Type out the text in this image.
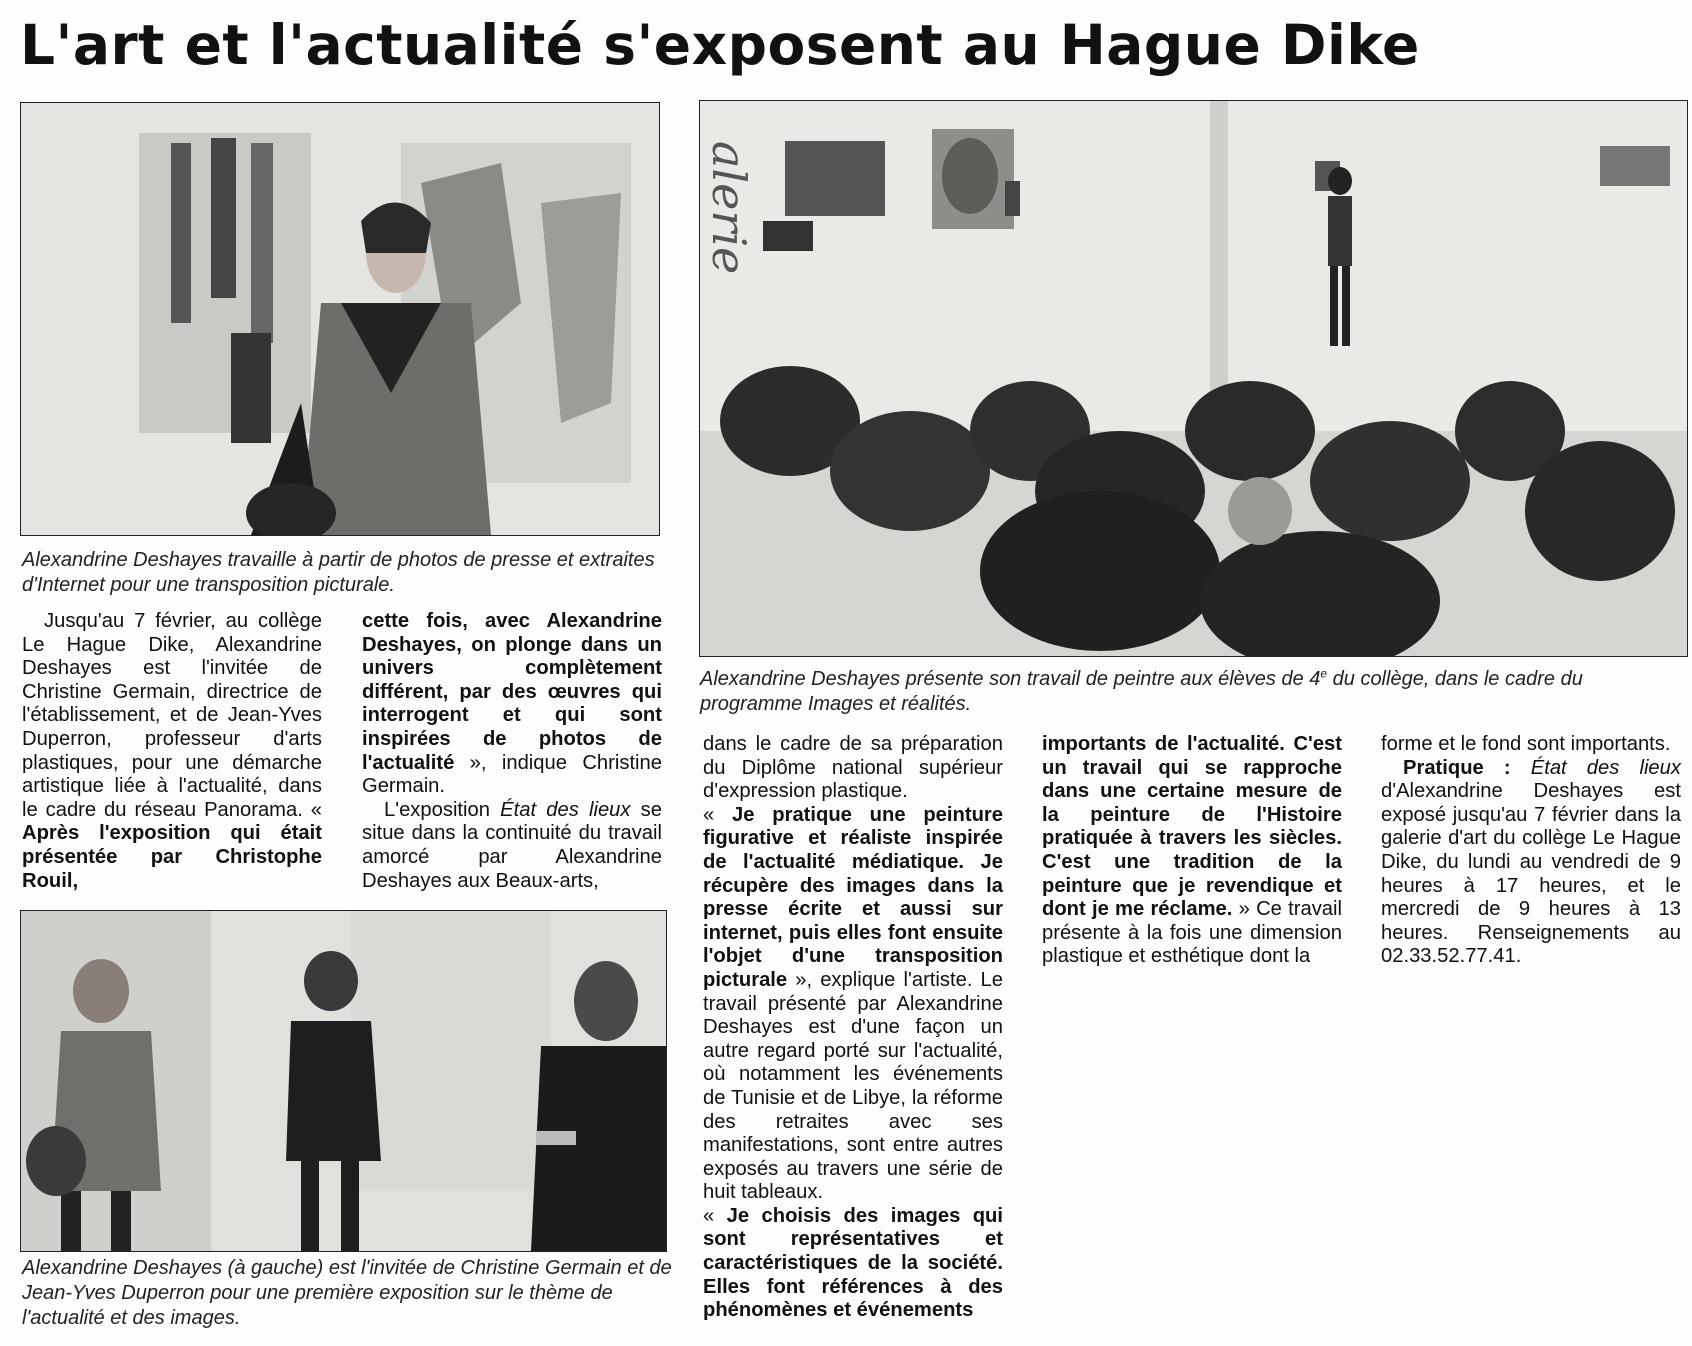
L'art et l'actualité s'exposent au Hague Dike

Alexandrine Deshayes travaille à partir de photos de presse et extraites d'Internet pour une transposition picturale.

alerie

Alexandrine Deshayes présente son travail de peintre aux élèves de 4e du collège, dans le cadre du programme Images et réalités.

Alexandrine Deshayes (à gauche) est l'invitée de Christine Germain et de Jean-Yves Duperron pour une première exposition sur le thème de l'actualité et des images.

Jusqu'au 7 février, au collège Le Hague Dike, Alexandrine Deshayes est l'invitée de Christine Germain, directrice de l'établissement, et de Jean-Yves Duperron, professeur d'arts plastiques, pour une démarche artistique liée à l'actualité, dans le cadre du réseau Panorama. « Après l'exposition qui était présentée par Christophe Rouil,

cette fois, avec Alexandrine Deshayes, on plonge dans un univers complètement différent, par des œuvres qui interrogent et qui sont inspirées de photos de l'actualité », indique Christine Germain.

L'exposition État des lieux se situe dans la continuité du travail amorcé par Alexandrine Deshayes aux Beaux-arts,

dans le cadre de sa préparation du Diplôme national supérieur d'expression plastique.

« Je pratique une peinture figurative et réaliste inspirée de l'actualité médiatique. Je récupère des images dans la presse écrite et aussi sur internet, puis elles font ensuite l'objet d'une transposition picturale », explique l'artiste. Le travail présenté par Alexandrine Deshayes est d'une façon un autre regard porté sur l'actualité, où notamment les événements de Tunisie et de Libye, la réforme des retraites avec ses manifestations, sont entre autres exposés au travers une série de huit tableaux.

« Je choisis des images qui sont représentatives et caractéristiques de la société. Elles font références à des phénomènes et événements

importants de l'actualité. C'est un travail qui se rapproche dans une certaine mesure de la peinture de l'Histoire pratiquée à travers les siècles. C'est une tradition de la peinture que je revendique et dont je me réclame. » Ce travail présente à la fois une dimension plastique et esthétique dont la

forme et le fond sont importants.

Pratique : État des lieux d'Alexandrine Deshayes est exposé jusqu'au 7 février dans la galerie d'art du collège Le Hague Dike, du lundi au vendredi de 9 heures à 17 heures, et le mercredi de 9 heures à 13 heures. Renseignements au 02.33.52.77.41.
